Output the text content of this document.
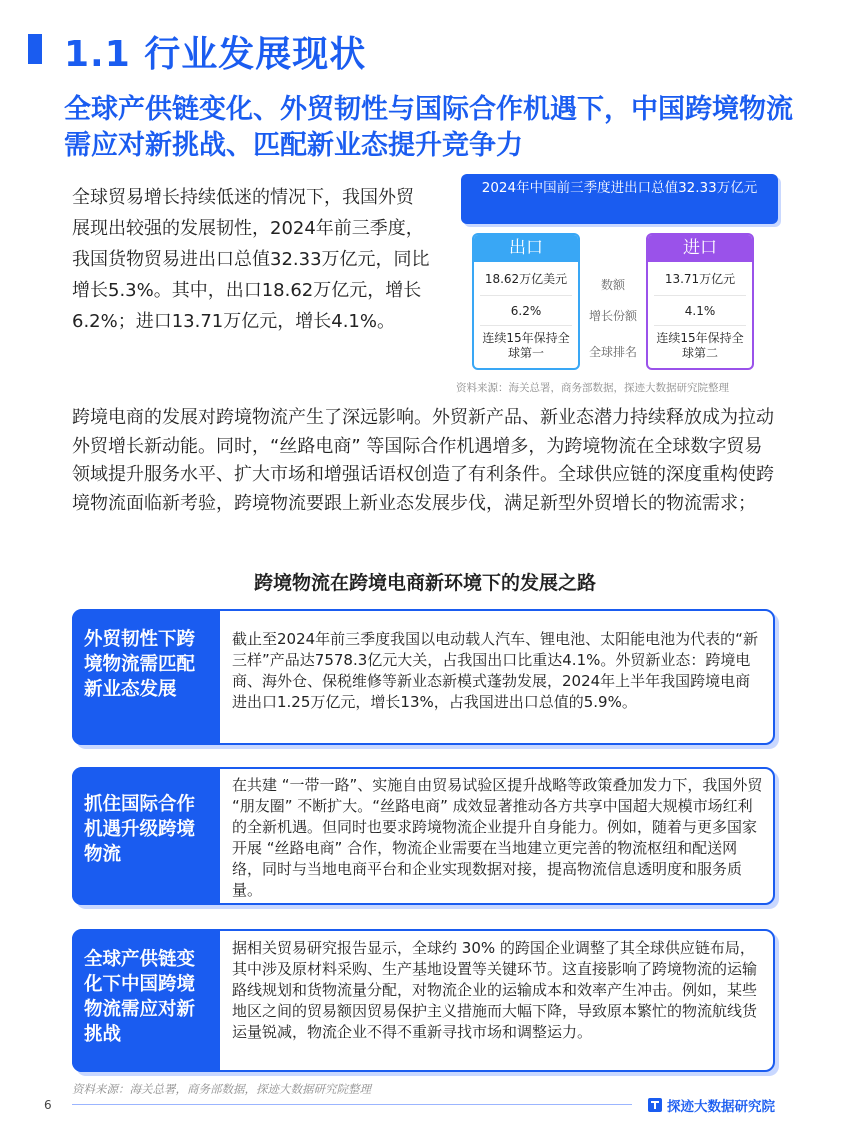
1.1 行业发展现状
全球产供链变化、外贸韧性与国际合作机遇下，中国跨境物流需应对新挑战、匹配新业态提升竞争力

全球贸易增长持续低迷的情况下，我国外贸展现出较强的发展韧性，2024年前三季度，我国货物贸易进出口总值32.33万亿元，同比增长5.3%。其中，出口18.62万亿元，增长6.2%；进口13.71万亿元，增长4.1%。

2024年中国前三季度进出口总值32.33万亿元
出口
18.62万亿美元
6.2%
连续15年保持全球第一
数额
增长份额
全球排名
进口
13.71万亿元
4.1%
连续15年保持全球第二
资料来源：海关总署，商务部数据，探迹大数据研究院整理

跨境电商的发展对跨境物流产生了深远影响。外贸新产品、新业态潜力持续释放成为拉动外贸增长新动能。同时，“丝路电商” 等国际合作机遇增多，为跨境物流在全球数字贸易领域提升服务水平、扩大市场和增强话语权创造了有利条件。全球供应链的深度重构使跨境物流面临新考验，跨境物流要跟上新业态发展步伐，满足新型外贸增长的物流需求；

跨境物流在跨境电商新环境下的发展之路
外贸韧性下跨境物流需匹配新业态发展
截止至2024年前三季度我国以电动载人汽车、锂电池、太阳能电池为代表的“新三样”产品达7578.3亿元大关，占我国出口比重达4.1%。外贸新业态：跨境电商、海外仓、保税维修等新业态新模式蓬勃发展，2024年上半年我国跨境电商进出口1.25万亿元，增长13%，占我国进出口总值的5.9%。
抓住国际合作机遇升级跨境物流
在共建 “一带一路”、实施自由贸易试验区提升战略等政策叠加发力下，我国外贸 “朋友圈” 不断扩大。“丝路电商” 成效显著推动各方共享中国超大规模市场红利的全新机遇。但同时也要求跨境物流企业提升自身能力。例如，随着与更多国家开展 “丝路电商” 合作，物流企业需要在当地建立更完善的物流枢纽和配送网络，同时与当地电商平台和企业实现数据对接，提高物流信息透明度和服务质量。
全球产供链变化下中国跨境物流需应对新挑战
据相关贸易研究报告显示，全球约 30% 的跨国企业调整了其全球供应链布局，其中涉及原材料采购、生产基地设置等关键环节。这直接影响了跨境物流的运输路线规划和货物流量分配，对物流企业的运输成本和效率产生冲击。例如，某些地区之间的贸易额因贸易保护主义措施而大幅下降，导致原本繁忙的物流航线货运量锐减，物流企业不得不重新寻找市场和调整运力。
资料来源：海关总署，商务部数据，探迹大数据研究院整理
6	探迹大数据研究院
